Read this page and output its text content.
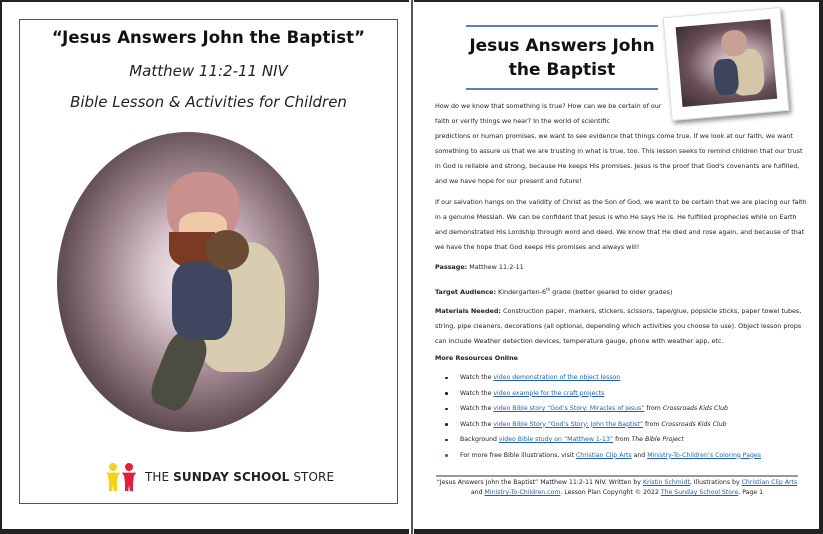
“Jesus Answers John the Baptist”
Matthew 11:2-11 NIV
Bible Lesson & Activities for Children
THE SUNDAY SCHOOL STORE
Jesus Answers John the Baptist
How do we know that something is true? How can we be certain of our faith or verify things we hear? In the world of scientific
predictions or human promises, we want to see evidence that things come true. If we look at our faith, we want something to assure us that we are trusting in what is true, too. This lesson seeks to remind children that our trust in God is reliable and strong, because He keeps His promises. Jesus is the proof that God's covenants are fulfilled, and we have hope for our present and future!
If our salvation hangs on the validity of Christ as the Son of God, we want to be certain that we are placing our faith in a genuine Messiah. We can be confident that Jesus is who He says He is. He fulfilled prophecies while on Earth and demonstrated His Lordship through word and deed. We know that He died and rose again, and because of that we have the hope that God keeps His promises and always will!
Passage: Matthew 11:2-11
Target Audience: Kindergarten-6th grade (better geared to older grades)
Materials Needed: Construction paper, markers, stickers, scissors, tape/glue, popsicle sticks, paper towel tubes, string, pipe cleaners, decorations (all optional, depending which activities you choose to use). Object lesson props can include Weather detection devices, temperature gauge, phone with weather app, etc.
More Resources Online
Watch the video demonstration of the object lesson
Watch the video example for the craft projects
Watch the video Bible story “God’s Story: Miracles of Jesus” from Crossroads Kids Club
Watch the video Bible Story “God’s Story: John the Baptist” from Crossroads Kids Club
Background video Bible study on “Matthew 1-13” from The Bible Project
For more free Bible illustrations, visit Christian Clip Arts and Ministry-To-Children’s Coloring Pages
“Jesus Answers John the Baptist” Matthew 11:2-11 NIV. Written by Kristin Schmidt, Illustrations by Christian Clip Arts and Ministry-To-Children.com. Lesson Plan Copyright © 2022 The Sunday School Store, Page 1
